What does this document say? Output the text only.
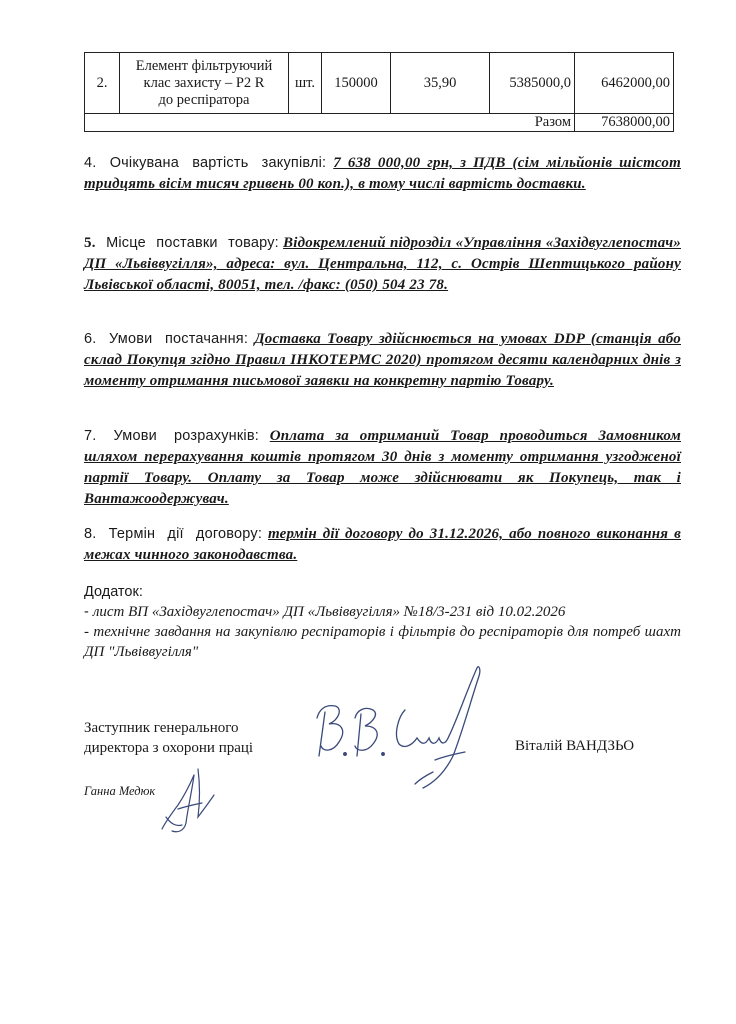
2.	Елемент фільтруючий
клас захисту – Р2 R
до респіратора	шт.	150000	35,90	5385000,0	6462000,00
Разом						7638000,00
4. Очікувана вартість закупівлі: 7 638 000,00 грн, з ПДВ (сім мільйонів шістсот тридцять вісім тисяч гривень 00 коп.), в тому числі вартість доставки.
5. Місце поставки товару: Відокремлений підрозділ «Управління «Західвуглепостач» ДП «Львіввугілля», адреса: вул. Центральна, 112, с. Острів Шептицького району Львівської області, 80051, тел. /факс: (050) 504 23 78.
6. Умови постачання: Доставка Товару здійснюється на умовах DDP (станція або склад Покупця згідно Правил ІНКОТЕРМС 2020) протягом десяти календарних днів з моменту отримання письмової заявки на конкретну партію Товару.
7. Умови розрахунків: Оплата за отриманий Товар проводиться Замовником шляхом перерахування коштів протягом 30 днів з моменту отримання узгодженої партії Товару. Оплату за Товар може здійснювати як Покупець, так і Вантажоодержувач.
8. Термін дії договору: термін дії договору до 31.12.2026, або повного виконання в межах чинного законодавства.
Додаток:
- лист ВП «Західвуглепостач» ДП «Львіввугілля» №18/3-231 від 10.02.2026
- технічне завдання на закупівлю респіраторів і фільтрів до респіраторів для потреб шахт ДП "Львіввугілля"
Заступник генерального
директора з охорони праці	Віталій ВАНДЗЬО
Ганна Медюк
